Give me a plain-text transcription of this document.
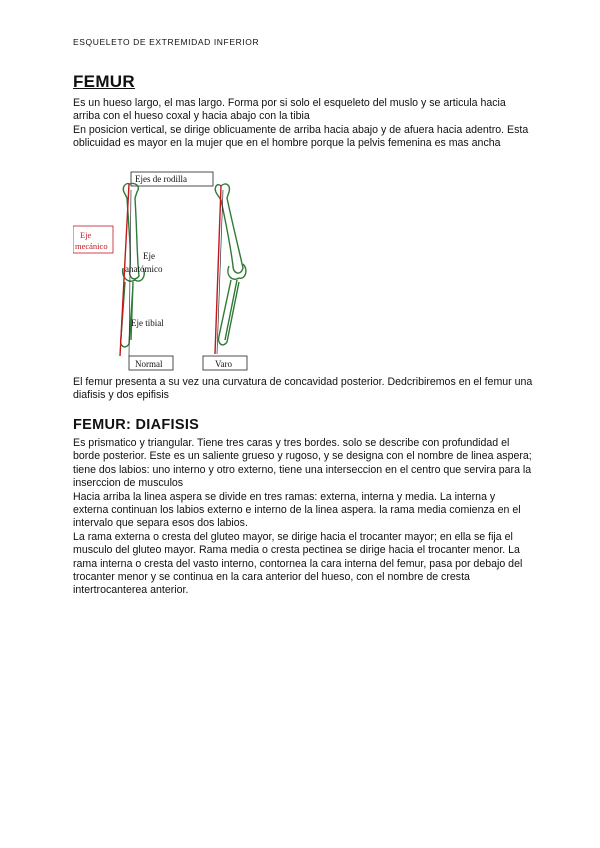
ESQUELETO DE EXTREMIDAD INFERIOR
FEMUR
Es un hueso largo, el mas largo. Forma por si solo el esqueleto del muslo y se articula hacia arriba con el hueso coxal y hacia abajo con la tibia
En posicion vertical, se dirige oblicuamente de arriba hacia abajo y de afuera hacia adentro. Esta oblicuidad es mayor en la mujer que en el hombre porque la pelvis femenina es mas ancha
Ejes de rodilla
Eje
mecánico
Eje
anatómico
Eje tibial
Normal	Varo
El femur presenta a su vez una curvatura de concavidad posterior. Dedcribiremos en el femur una diafisis y dos epifisis
FEMUR: DIAFISIS
Es prismatico y triangular. Tiene tres caras y tres bordes. solo se describe con profundidad el borde posterior. Este es un saliente grueso y rugoso, y se designa con el nombre de linea aspera; tiene dos labios: uno interno y otro externo, tiene una interseccion en el centro que servira para la inserccion de musculos
Hacia arriba la linea aspera se divide en tres ramas: externa, interna y media. La interna y externa continuan los labios externo e interno de la linea aspera. la rama media comienza en el intervalo que separa esos dos labios.
La rama externa o cresta del gluteo mayor, se dirige hacia el trocanter mayor; en ella se fija el musculo del gluteo mayor. Rama media o cresta pectinea se dirige hacia el trocanter menor. La rama interna o cresta del vasto interno, contornea la cara interna del femur, pasa por debajo del trocanter menor y se continua en la cara anterior del hueso, con el nombre de cresta intertrocanterea anterior.
